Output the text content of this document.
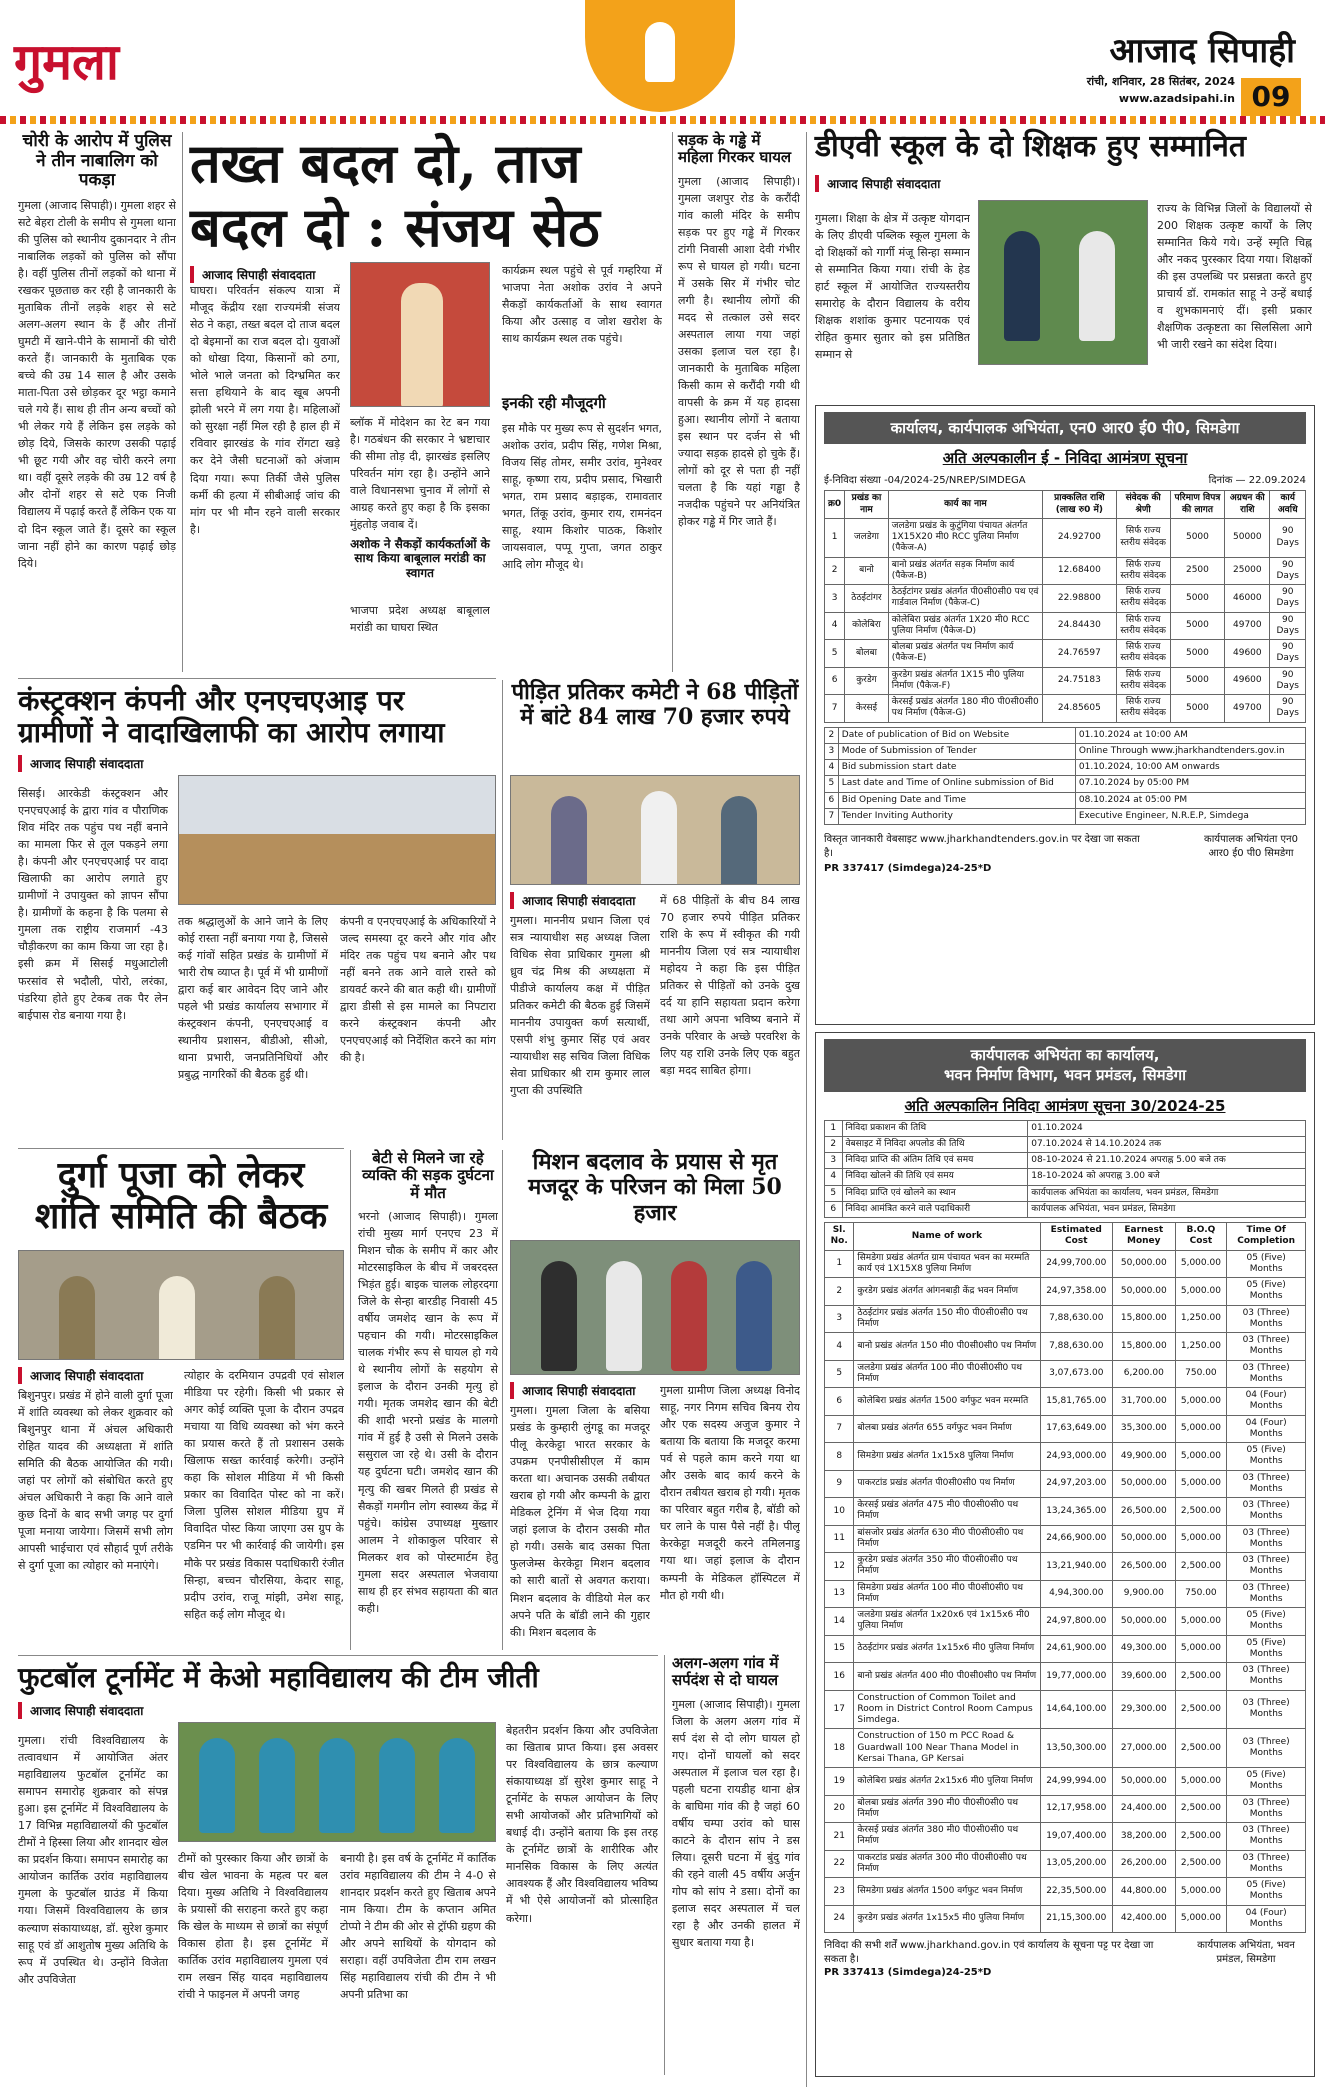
गुमला	आजाद सिपाही
रांची, शनिवार, 28 सितंबर, 2024
www.azadsipahi.in 09
चोरी के आरोप में पुलिस ने तीन नाबालिग को पकड़ा
गुमला (आजाद सिपाही)। गुमला शहर से सटे बेहरा टोली के समीप से गुमला थाना की पुलिस को स्थानीय दुकानदार ने तीन नाबालिक लड़कों को पुलिस को सौंपा है। वहीं पुलिस तीनों लड़कों को थाना में रखकर पूछताछ कर रही है जानकारी के मुताबिक तीनों लड़के शहर से सटे अलग-अलग स्थान के हैं और तीनों घुमटी में खाने-पीने के सामानों की चोरी करते हैं। जानकारी के मुताबिक एक बच्चे की उम्र 14 साल है और उसके माता-पिता उसे छोड़कर दूर भट्ठा कमाने चले गये हैं। साथ ही तीन अन्य बच्चों को भी लेकर गये हैं लेकिन इस लड़के को छोड़ दिये, जिसके कारण उसकी पढ़ाई भी छूट गयी और वह चोरी करने लगा था। वहीं दूसरे लड़के की उम्र 12 वर्ष है और दोनों शहर से सटे एक निजी विद्यालय में पढ़ाई करते हैं लेकिन एक या दो दिन स्कूल जाते हैं। दूसरे का स्कूल जाना नहीं होने का कारण पढ़ाई छोड़ दिये।
तख्त बदल दो, ताज
बदल दो : संजय सेठ
आजाद सिपाही संवाददाता
घाघरा। परिवर्तन संकल्प यात्रा में मौजूद केंद्रीय रक्षा राज्यमंत्री संजय सेठ ने कहा, तख्त बदल दो ताज बदल दो बेइमानों का राज बदल दो। युवाओं को धोखा दिया, किसानों को ठगा, भोले भाले जनता को दिग्भ्रमित कर सत्ता हथियाने के बाद खूब अपनी झोली भरने में लग गया है। महिलाओं को सुरक्षा नहीं मिल रही है हाल ही में रविवार झारखंड के गांव रोंगटा खड़े कर देने जैसी घटनाओं को अंजाम दिया गया। रूपा तिर्की जैसे पुलिस कर्मी की हत्या में सीबीआई जांच की मांग पर भी मौन रहने वाली सरकार है।
ब्लॉक में मोदेशन का रेट बन गया है। गठबंधन की सरकार ने भ्रष्टाचार की सीमा तोड़ दी, झारखंड इसलिए परिवर्तन मांग रहा है। उन्होंने आने वाले विधानसभा चुनाव में लोगों से आग्रह करते हुए कहा है कि इसका मुंहतोड़ जवाब दें।
अशोक ने सैकड़ों कार्यकर्ताओं के साथ किया बाबूलाल मरांडी का स्वागत
भाजपा प्रदेश अध्यक्ष बाबूलाल मरांडी का घाघरा स्थित
कार्यक्रम स्थल पहुंचे से पूर्व गम्हरिया में भाजपा नेता अशोक उरांव ने अपने सैकड़ों कार्यकर्ताओं के साथ स्वागत किया और उत्साह व जोश खरोश के साथ कार्यक्रम स्थल तक पहुंचे।
इनकी रही मौजूदगी
इस मौके पर मुख्य रूप से सुदर्शन भगत, अशोक उरांव, प्रदीप सिंह, गणेश मिश्रा, विजय सिंह तोमर, समीर उरांव, मुनेश्वर साहू, कृष्णा राय, प्रदीप प्रसाद, भिखारी भगत, राम प्रसाद बड़ाइक, रामावतार भगत, तिंकू उरांव, कुमार राय, रामनंदन साहू, श्याम किशोर पाठक, किशोर जायसवाल, पप्पू गुप्ता, जगत ठाकुर आदि लोग मौजूद थे।
सड़क के गड्ढे में महिला गिरकर घायल
गुमला (आजाद सिपाही)। गुमला जशपुर रोड के करौंदी गांव काली मंदिर के समीप सड़क पर हुए गड्ढे में गिरकर टांगी निवासी आशा देवी गंभीर रूप से घायल हो गयी। घटना में उसके सिर में गंभीर चोट लगी है। स्थानीय लोगों की मदद से तत्काल उसे सदर अस्पताल लाया गया जहां उसका इलाज चल रहा है। जानकारी के मुताबिक महिला किसी काम से करौंदी गयी थी वापसी के क्रम में यह हादसा हुआ। स्थानीय लोगों ने बताया इस स्थान पर दर्जन से भी ज्यादा सड़क हादसे हो चुके हैं। लोगों को दूर से पता ही नहीं चलता है कि यहां गड्ढा है नजदीक पहुंचने पर अनियंत्रित होकर गड्ढे में गिर जाते हैं।
डीएवी स्कूल के दो शिक्षक हुए सम्मानित
आजाद सिपाही संवाददाता
गुमला। शिक्षा के क्षेत्र में उत्कृष्ट योगदान के लिए डीएवी पब्लिक स्कूल गुमला के दो शिक्षकों को गार्गी मंजू सिन्हा सम्मान से सम्मानित किया गया। रांची के हेड हार्ट स्कूल में आयोजित राज्यस्तरीय समारोह के दौरान विद्यालय के वरीय शिक्षक शशांक कुमार पटनायक एवं रोहित कुमार सुतार को इस प्रतिष्ठित सम्मान से
राज्य के विभिन्न जिलों के विद्यालयों से 200 शिक्षक उत्कृष्ट कार्यों के लिए सम्मानित किये गये। उन्हें स्मृति चिह्न और नकद पुरस्कार दिया गया। शिक्षकों की इस उपलब्धि पर प्रसन्नता करते हुए प्राचार्य डॉ. रामकांत साहू ने उन्हें बधाई व शुभकामनाएं दीं। इसी प्रकार शैक्षणिक उत्कृष्टता का सिलसिला आगे भी जारी रखने का संदेश दिया।
कार्यालय, कार्यपालक अभियंता, एन0 आर0 ई0 पी0, सिमडेगा
अति अल्पकालीन ई - निविदा आमंत्रण सूचना
ई-निविदा संख्या -04/2024-25/NREP/SIMDEGA	दिनांक — 22.09.2024
क्र0	प्रखंड का नाम	कार्य का नाम	प्राक्कलित राशि (लाख रु0 में)	संवेदक की श्रेणी	परिमाण विपत्र की लागत	अग्रधन की राशि	कार्य अवधि
1	जलडेगा	जलडेगा प्रखंड के कुटुंगिया पंचायत अंतर्गत 1X15X20 मी0 RCC पुलिया निर्माण (पैकेज-A)	24.92700	सिर्फ राज्य स्तरीय संवेदक	5000	50000	90 Days
2	बानो	बानो प्रखंड अंतर्गत सड़क निर्माण कार्य (पैकेज-B)	12.68400	सिर्फ राज्य स्तरीय संवेदक	2500	25000	90 Days
3	ठेठईटांगर	ठेठईटांगर प्रखंड अंतर्गत पी0सी0सी0 पथ एवं गार्डवाल निर्माण (पैकेज-C)	22.98800	सिर्फ राज्य स्तरीय संवेदक	5000	46000	90 Days
4	कोलेबिरा	कोलेबिरा प्रखंड अंतर्गत 1X20 मी0 RCC पुलिया निर्माण (पैकेज-D)	24.84430	सिर्फ राज्य स्तरीय संवेदक	5000	49700	90 Days
5	बोलबा	बोलबा प्रखंड अंतर्गत पथ निर्माण कार्य (पैकेज-E)	24.76597	सिर्फ राज्य स्तरीय संवेदक	5000	49600	90 Days
6	कुरडेग	कुरडेग प्रखंड अंतर्गत 1X15 मी0 पुलिया निर्माण (पैकेज-F)	24.75183	सिर्फ राज्य स्तरीय संवेदक	5000	49600	90 Days
7	केरसई	केरसई प्रखंड अंतर्गत 180 मी0 पी0सी0सी0 पथ निर्माण (पैकेज-G)	24.85605	सिर्फ राज्य स्तरीय संवेदक	5000	49700	90 Days
2	Date of publication of Bid on Website	01.10.2024 at 10:00 AM
3	Mode of Submission of Tender	Online Through www.jharkhandtenders.gov.in
4	Bid submission start date	01.10.2024, 10:00 AM onwards
5	Last date and Time of Online submission of Bid	07.10.2024 by 05:00 PM
6	Bid Opening Date and Time	08.10.2024 at 05:00 PM
7	Tender Inviting Authority	Executive Engineer, N.R.E.P, Simdega
विस्तृत जानकारी वेबसाइट www.jharkhandtenders.gov.in पर देखा जा सकता है।
कार्यपालक अभियंता एन0 आर0 ई0 पी0 सिमडेगा
PR 337417 (Simdega)24-25*D
कंस्ट्रक्शन कंपनी और एनएचएआइ पर
ग्रामीणों ने वादाखिलाफी का आरोप लगाया
आजाद सिपाही संवाददाता
सिसई। आरकेडी कंस्ट्रक्शन और एनएचएआई के द्वारा गांव व पौराणिक शिव मंदिर तक पहुंच पथ नहीं बनाने का मामला फिर से तूल पकड़ने लगा है। कंपनी और एनएचएआई पर वादा खिलाफी का आरोप लगाते हुए ग्रामीणों ने उपायुक्त को ज्ञापन सौंपा है। ग्रामीणों के कहना है कि पलमा से गुमला तक राष्ट्रीय राजमार्ग -43 चौड़ीकरण का काम किया जा रहा है। इसी क्रम में सिसई मधुआटोली फरसांव से भदौली, पोरो, लरंका, पंडरिया होते हुए टेकब तक पैर लेन बाईपास रोड बनाया गया है।
तक श्रद्धालुओं के आने जाने के लिए कोई रास्ता नहीं बनाया गया है, जिससे कई गांवों सहित प्रखंड के ग्रामीणों में भारी रोष व्याप्त है। पूर्व में भी ग्रामीणों द्वारा कई बार आवेदन दिए जाने और पहले भी प्रखंड कार्यालय सभागार में कंस्ट्रक्शन कंपनी, एनएचएआई व स्थानीय प्रशासन, बीडीओ, सीओ, थाना प्रभारी, जनप्रतिनिधियों और प्रबुद्ध नागरिकों की बैठक हुई थी।
कंपनी व एनएचएआई के अधिकारियों ने जल्द समस्या दूर करने और गांव और मंदिर तक पहुंच पथ बनाने और पथ नहीं बनने तक आने वाले रास्ते को डायवर्ट करने की बात कही थी। ग्रामीणों द्वारा डीसी से इस मामले का निपटारा करने कंस्ट्रक्शन कंपनी और एनएचएआई को निर्देशित करने का मांग की है।
पीड़ित प्रतिकर कमेटी ने 68 पीड़ितों
में बांटे 84 लाख 70 हजार रुपये
आजाद सिपाही संवाददाता
गुमला। माननीय प्रधान जिला एवं सत्र न्यायाधीश सह अध्यक्ष जिला विधिक सेवा प्राधिकार गुमला श्री ध्रुव चंद्र मिश्र की अध्यक्षता में पीडीजे कार्यालय कक्ष में पीड़ित प्रतिकर कमेटी की बैठक हुई जिसमें माननीय उपायुक्त कर्ण सत्यार्थी, एसपी शंभु कुमार सिंह एवं अवर न्यायाधीश सह सचिव जिला विधिक सेवा प्राधिकार श्री राम कुमार लाल गुप्ता की उपस्थिति
में 68 पीड़ितों के बीच 84 लाख 70 हजार रुपये पीड़ित प्रतिकर राशि के रूप में स्वीकृत की गयी माननीय जिला एवं सत्र न्यायाधीश महोदय ने कहा कि इस पीड़ित प्रतिकर से पीड़ितों को उनके दुख दर्द या हानि सहायता प्रदान करेगा तथा आगे अपना भविष्य बनाने में उनके परिवार के अच्छे परवरिश के लिए यह राशि उनके लिए एक बहुत बड़ा मदद साबित होगा।
दुर्गा पूजा को लेकर
शांति समिति की बैठक
आजाद सिपाही संवाददाता
बिशुनपुर। प्रखंड में होने वाली दुर्गा पूजा में शांति व्यवस्था को लेकर शुक्रवार को बिशुनपुर थाना में अंचल अधिकारी रोहित यादव की अध्यक्षता में शांति समिति की बैठक आयोजित की गयी। जहां पर लोगों को संबोधित करते हुए अंचल अधिकारी ने कहा कि आने वाले कुछ दिनों के बाद सभी जगह पर दुर्गा पूजा मनाया जायेगा। जिसमें सभी लोग आपसी भाईचारा एवं सौहार्द पूर्ण तरीके से दुर्गा पूजा का त्योहार को मनाएंगे।
त्योहार के दरमियान उपद्रवी एवं सोशल मीडिया पर रहेगी। किसी भी प्रकार से अगर कोई व्यक्ति पूजा के दौरान उपद्रव मचाया या विधि व्यवस्था को भंग करने का प्रयास करते हैं तो प्रशासन उसके खिलाफ सख्त कार्रवाई करेगी। उन्होंने कहा कि सोशल मीडिया में भी किसी प्रकार का विवादित पोस्ट को ना करें। जिला पुलिस सोशल मीडिया ग्रुप में विवादित पोस्ट किया जाएगा उस ग्रुप के एडमिन पर भी कार्रवाई की जायेगी। इस मौके पर प्रखंड विकास पदाधिकारी रंजीत सिन्हा, बच्चन चौरसिया, केदार साहू, प्रदीप उरांव, राजू मांझी, उमेश साहू, सहित कई लोग मौजूद थे।
बेटी से मिलने जा रहे व्यक्ति की सड़क दुर्घटना में मौत
भरनो (आजाद सिपाही)। गुमला रांची मुख्य मार्ग एनएच 23 में मिशन चौक के समीप में कार और मोटरसाइकिल के बीच में जबरदस्त भिड़ंत हुई। बाइक चालक लोहरदगा जिले के सेन्हा बारडीह निवासी 45 वर्षीय जमशेद खान के रूप में पहचान की गयी। मोटरसाइकिल चालक गंभीर रूप से घायल हो गये थे स्थानीय लोगों के सहयोग से इलाज के दौरान उनकी मृत्यु हो गयी। मृतक जमशेद खान की बेटी की शादी भरनो प्रखंड के मालगो गांव में हुई है उसी से मिलने उसके ससुराल जा रहे थे। उसी के दौरान यह दुर्घटना घटी। जमशेद खान की मृत्यु की खबर मिलते ही प्रखंड से सैकड़ों गमगीन लोग स्वास्थ्य केंद्र में पहुंचे। कांग्रेस उपाध्यक्ष मुख्तार आलम ने शोकाकुल परिवार से मिलकर शव को पोस्टमार्टम हेतु गुमला सदर अस्पताल भेजवाया साथ ही हर संभव सहायता की बात कही।
मिशन बदलाव के प्रयास से मृत
मजदूर के परिजन को मिला 50 हजार
आजाद सिपाही संवाददाता
गुमला। गुमला जिला के बसिया प्रखंड के कुम्हारी लुंगडू का मजदूर पीलू केरकेट्टा भारत सरकार के उपक्रम एनपीसीसीएल में काम करता था। अचानक उसकी तबीयत खराब हो गयी और कम्पनी के द्वारा मेडिकल ट्रेनिंग में भेज दिया गया जहां इलाज के दौरान उसकी मौत हो गयी। उसके बाद उसका पिता फुलजेम्स केरकेट्टा मिशन बदलाव को सारी बातों से अवगत कराया। मिशन बदलाव के वीडियो मेल कर अपने पति के बॉडी लाने की गुहार की। मिशन बदलाव के
गुमला ग्रामीण जिला अध्यक्ष विनोद साहू, नगर निगम सचिव बिनय रोय और एक सदस्य अजुज कुमार ने बताया कि बताया कि मजदूर करमा पर्व से पहले काम करने गया था और उसके बाद कार्य करने के दौरान तबीयत खराब हो गयी। मृतक का परिवार बहुत गरीब है, बॉडी को घर लाने के पास पैसे नहीं है। पीलू केरकेट्टा मजदूरी करने तमिलनाडु गया था। जहां इलाज के दौरान कम्पनी के मेडिकल हॉस्पिटल में मौत हो गयी थी।
फुटबॉल टूर्नामेंट में केओ महाविद्यालय की टीम जीती
आजाद सिपाही संवाददाता
गुमला। रांची विश्वविद्यालय के तत्वावधान में आयोजित अंतर महाविद्यालय फुटबॉल टूर्नामेंट का समापन समारोह शुक्रवार को संपन्न हुआ। इस टूर्नामेंट में विश्वविद्यालय के 17 विभिन्न महाविद्यालयों की फुटबॉल टीमों ने हिस्सा लिया और शानदार खेल का प्रदर्शन किया। समापन समारोह का आयोजन कार्तिक उरांव महाविद्यालय गुमला के फुटबॉल ग्राउंड में किया गया। जिसमें विश्वविद्यालय के छात्र कल्याण संकायाध्यक्ष, डॉ. सुरेश कुमार साहू एवं डॉ आशुतोष मुख्य अतिथि के रूप में उपस्थित थे। उन्होंने विजेता और उपविजेता
टीमों को पुरस्कार किया और छात्रों के बीच खेल भावना के महत्व पर बल दिया। मुख्य अतिथि ने विश्वविद्यालय के प्रयासों की सराहना करते हुए कहा कि खेल के माध्यम से छात्रों का संपूर्ण विकास होता है। इस टूर्नामेंट में कार्तिक उरांव महाविद्यालय गुमला एवं राम लखन सिंह यादव महाविद्यालय रांची ने फाइनल में अपनी जगह
बनायी है। इस वर्ष के टूर्नामेंट में कार्तिक उरांव महाविद्यालय की टीम ने 4-0 से शानदार प्रदर्शन करते हुए खिताब अपने नाम किया। टीम के कप्तान अमित टोप्पो ने टीम की ओर से ट्रॉफी ग्रहण की और अपने साथियों के योगदान को सराहा। वहीं उपविजेता टीम राम लखन सिंह महाविद्यालय रांची की टीम ने भी अपनी प्रतिभा का
बेहतरीन प्रदर्शन किया और उपविजेता का खिताब प्राप्त किया। इस अवसर पर विश्वविद्यालय के छात्र कल्याण संकायाध्यक्ष डॉ सुरेश कुमार साहू ने टूर्नामेंट के सफल आयोजन के लिए सभी आयोजकों और प्रतिभागियों को बधाई दी। उन्होंने बताया कि इस तरह के टूर्नामेंट छात्रों के शारीरिक और मानसिक विकास के लिए अत्यंत आवश्यक हैं और विश्वविद्यालय भविष्य में भी ऐसे आयोजनों को प्रोत्साहित करेगा।
अलग-अलग गांव में सर्पदंश से दो घायल
गुमला (आजाद सिपाही)। गुमला जिला के अलग अलग गांव में सर्प दंश से दो लोग घायल हो गए। दोनों घायलों को सदर अस्पताल में इलाज चल रहा है। पहली घटना रायडीह थाना क्षेत्र के बाघिमा गांव की है जहां 60 वर्षीय चम्पा उरांव को घास काटने के दौरान सांप ने डस लिया। दूसरी घटना में बुंदु गांव की रहने वाली 45 वर्षीय अर्जुन गोप को सांप ने डसा। दोनों का इलाज सदर अस्पताल में चल रहा है और उनकी हालत में सुधार बताया गया है।
कार्यपालक अभियंता का कार्यालय,
भवन निर्माण विभाग, भवन प्रमंडल, सिमडेगा
अति अल्पकालिन निविदा आमंत्रण सूचना 30/2024-25
1	निविदा प्रकाशन की तिथि	01.10.2024
2	वेबसाइट में निविदा अपलोड की तिथि	07.10.2024 से 14.10.2024 तक
3	निविदा प्राप्ति की अंतिम तिथि एवं समय	08-10-2024 से 21.10.2024 अपराह्न 5.00 बजे तक
4	निविदा खोलने की तिथि एवं समय	18-10-2024 को अपराह्न 3.00 बजे
5	निविदा प्राप्ति एवं खोलने का स्थान	कार्यपालक अभियंता का कार्यालय, भवन प्रमंडल, सिमडेगा
6	निविदा आमंत्रित करने वाले पदाधिकारी	कार्यपालक अभियंता, भवन प्रमंडल, सिमडेगा
Sl. No.	Name of work	Estimated Cost	Earnest Money	B.O.Q Cost	Time Of Completion
1	सिमडेगा प्रखंड अंतर्गत ग्राम पंचायत भवन का मरम्मति कार्य एवं 1X15X8 पुलिया निर्माण	24,99,700.00	50,000.00	5,000.00	05 (Five) Months
2	कुरडेग प्रखंड अंतर्गत आंगनबाड़ी केंद्र भवन निर्माण	24,97,358.00	50,000.00	5,000.00	05 (Five) Months
3	ठेठईटांगर प्रखंड अंतर्गत 150 मी0 पी0सी0सी0 पथ निर्माण	7,88,630.00	15,800.00	1,250.00	03 (Three) Months
4	बानो प्रखंड अंतर्गत 150 मी0 पी0सी0सी0 पथ निर्माण	7,88,630.00	15,800.00	1,250.00	03 (Three) Months
5	जलडेगा प्रखंड अंतर्गत 100 मी0 पी0सी0सी0 पथ निर्माण	3,07,673.00	6,200.00	750.00	03 (Three) Months
6	कोलेबिरा प्रखंड अंतर्गत 1500 वर्गफुट भवन मरम्मति	15,81,765.00	31,700.00	5,000.00	04 (Four) Months
7	बोलबा प्रखंड अंतर्गत 655 वर्गफुट भवन निर्माण	17,63,649.00	35,300.00	5,000.00	04 (Four) Months
8	सिमडेगा प्रखंड अंतर्गत 1x15x8 पुलिया निर्माण	24,93,000.00	49,900.00	5,000.00	05 (Five) Months
9	पाकरटांड प्रखंड अंतर्गत पी0सी0सी0 पथ निर्माण	24,97,203.00	50,000.00	5,000.00	03 (Three) Months
10	केरसई प्रखंड अंतर्गत 475 मी0 पी0सी0सी0 पथ निर्माण	13,24,365.00	26,500.00	2,500.00	03 (Three) Months
11	बांसजोर प्रखंड अंतर्गत 630 मी0 पी0सी0सी0 पथ निर्माण	24,66,900.00	50,000.00	5,000.00	03 (Three) Months
12	कुरडेग प्रखंड अंतर्गत 350 मी0 पी0सी0सी0 पथ निर्माण	13,21,940.00	26,500.00	2,500.00	03 (Three) Months
13	सिमडेगा प्रखंड अंतर्गत 100 मी0 पी0सी0सी0 पथ निर्माण	4,94,300.00	9,900.00	750.00	03 (Three) Months
14	जलडेगा प्रखंड अंतर्गत 1x20x6 एवं 1x15x6 मी0 पुलिया निर्माण	24,97,800.00	50,000.00	5,000.00	05 (Five) Months
15	ठेठईटांगर प्रखंड अंतर्गत 1x15x6 मी0 पुलिया निर्माण	24,61,900.00	49,300.00	5,000.00	05 (Five) Months
16	बानो प्रखंड अंतर्गत 400 मी0 पी0सी0सी0 पथ निर्माण	19,77,000.00	39,600.00	2,500.00	03 (Three) Months
17	Construction of Common Toilet and Room in District Control Room Campus Simdega.	14,64,100.00	29,300.00	2,500.00	03 (Three) Months
18	Construction of 150 m PCC Road & Guardwall 100 Near Thana Model in Kersai Thana, GP Kersai	13,50,300.00	27,000.00	2,500.00	03 (Three) Months
19	कोलेबिरा प्रखंड अंतर्गत 2x15x6 मी0 पुलिया निर्माण	24,99,994.00	50,000.00	5,000.00	05 (Five) Months
20	बोलबा प्रखंड अंतर्गत 390 मी0 पी0सी0सी0 पथ निर्माण	12,17,958.00	24,400.00	2,500.00	03 (Three) Months
21	केरसई प्रखंड अंतर्गत 380 मी0 पी0सी0सी0 पथ निर्माण	19,07,400.00	38,200.00	2,500.00	03 (Three) Months
22	पाकरटांड प्रखंड अंतर्गत 300 मी0 पी0सी0सी0 पथ निर्माण	13,05,200.00	26,200.00	2,500.00	03 (Three) Months
23	सिमडेगा प्रखंड अंतर्गत 1500 वर्गफुट भवन निर्माण	22,35,500.00	44,800.00	5,000.00	05 (Five) Months
24	कुरडेग प्रखंड अंतर्गत 1x15x5 मी0 पुलिया निर्माण	21,15,300.00	42,400.00	5,000.00	04 (Four) Months
निविदा की सभी शर्तें www.jharkhand.gov.in एवं कार्यालय के सूचना पट्ट पर देखा जा सकता है।
कार्यपालक अभियंता, भवन प्रमंडल, सिमडेगा
PR 337413 (Simdega)24-25*D
